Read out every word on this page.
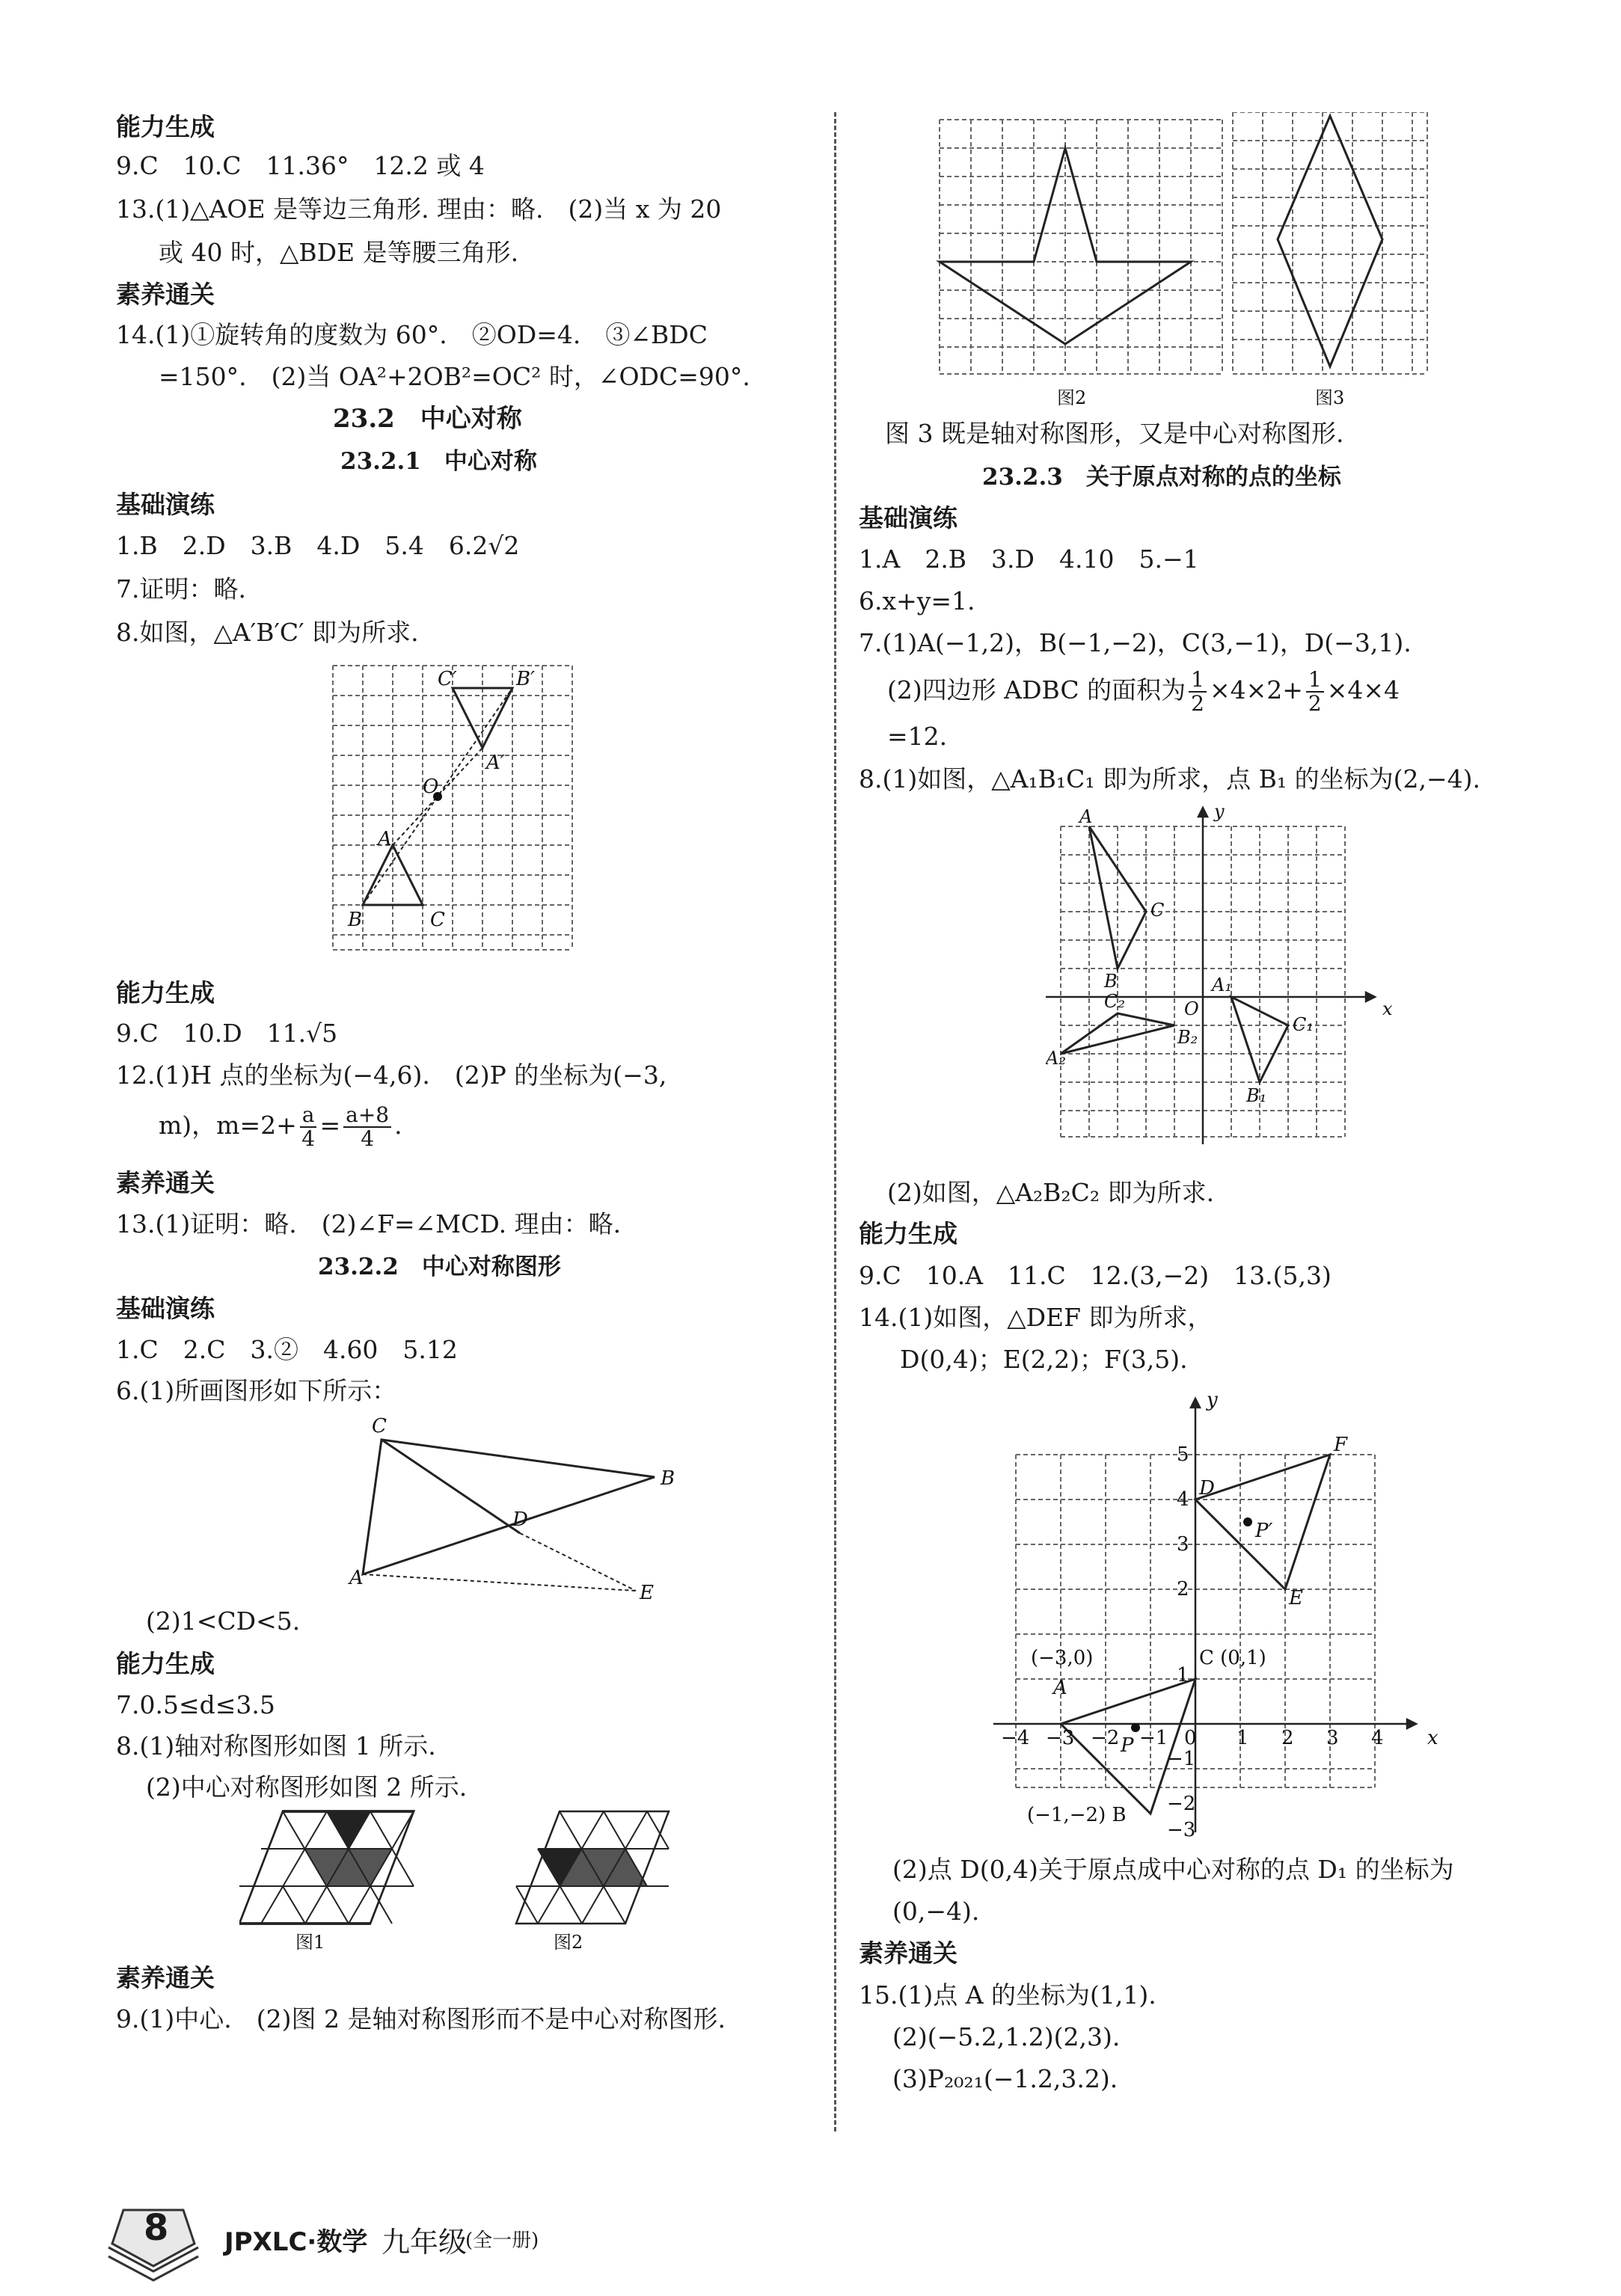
能力生成
9.C　10.C　11.36°　12.2 或 4
13.(1)△AOE 是等边三角形. 理由：略.　(2)当 x 为 20
或 40 时，△BDE 是等腰三角形.
素养通关
14.(1)①旋转角的度数为 60°.　②OD=4.　③∠BDC
=150°.　(2)当 OA²+2OB²=OC² 时，∠ODC=90°.
23.2　中心对称
23.2.1　中心对称
基础演练
1.B　2.D　3.B　4.D　5.4　6.2√2
7.证明：略.
8.如图，△A′B′C′ 即为所求.
C′	B′
A′
O
A
B	C
能力生成
9.C　10.D　11.√5
12.(1)H 点的坐标为(−4,6).　(2)P 的坐标为(−3,
m)，$m=2+ \frac{a}{4} = \frac{a+8}{4}$ .
素养通关
13.(1)证明：略.　(2)∠F=∠MCD. 理由：略.
23.2.2　中心对称图形
基础演练
1.C　2.C　3.②　4.60　5.12
6.(1)所画图形如下所示：
C
B
D
A
E
(2)1<CD<5.
能力生成
7.0.5≤d≤3.5
8.(1)轴对称图形如图 1 所示.
(2)中心对称图形如图 2 所示.
图1	图2
素养通关
9.(1)中心.　(2)图 2 是轴对称图形而不是中心对称图形.
图2	图3
图 3 既是轴对称图形，又是中心对称图形.
23.2.3　关于原点对称的点的坐标
基础演练
1.A　2.B　3.D　4.10　5.−1
6.x+y=1.
7.(1)A(−1,2)，B(−1,−2)，C(3,−1)，D(−3,1).
(2)四边形 ADBC 的面积为 $\frac{1}{2} \times 4\times 2+ \frac{1}{2} \times 4\times 4$
=12.
8.(1)如图，△A₁B₁C₁ 即为所求，点 B₁ 的坐标为(2,−4).
y
A
C
B	A₁
C₂	O	x
C₁
B₂
A₂
B₁
(2)如图，△A₂B₂C₂ 即为所求.
能力生成
9.C　10.A　11.C　12.(3,−2)　13.(5,3)
14.(1)如图，△DEF 即为所求，
D(0,4)；E(2,2)；F(3,5).
y
F
5
D
4
P′
3
E
2
(−3,0)	C (0,1)
A
1
−4 −3 −2 −1 0 1 2 3 4 x
P
−1
−2
(−1,−2) B
−3
(2)点 D(0,4)关于原点成中心对称的点 D₁ 的坐标为
(0,−4).
素养通关
15.(1)点 A 的坐标为(1,1).
(2)(−5.2,1.2)(2,3).
(3)P₂₀₂₁(−1.2,3.2).
8 JPXLC·数学 九年级
(全一册)
